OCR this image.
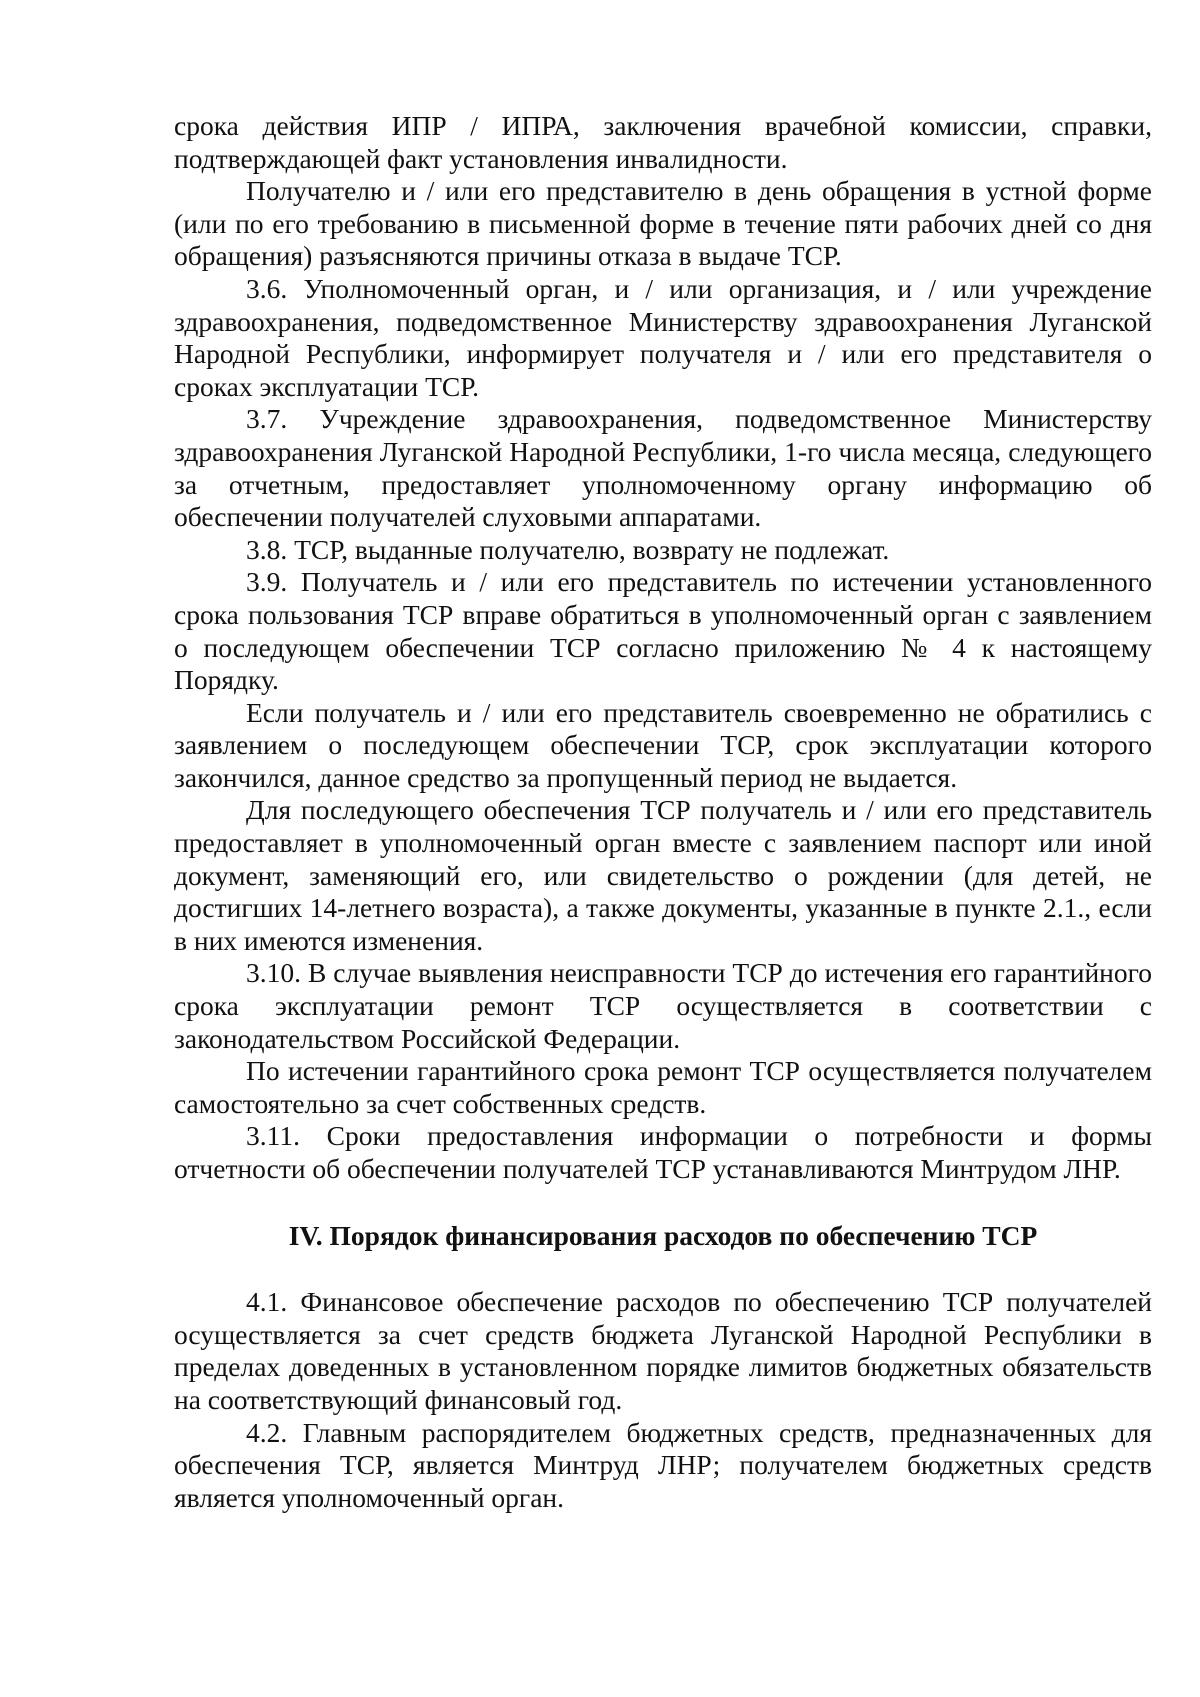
срока действия ИПР / ИПРА, заключения врачебной комиссии, справки, подтверждающей факт установления инвалидности.

Получателю и / или его представителю в день обращения в устной форме (или по его требованию в письменной форме в течение пяти рабочих дней со дня обращения) разъясняются причины отказа в выдаче ТСР.

3.6. Уполномоченный орган, и / или организация, и / или учреждение здравоохранения, подведомственное Министерству здравоохранения Луганской Народной Республики, информирует получателя и / или его представителя о сроках эксплуатации ТСР.

3.7. Учреждение здравоохранения, подведомственное Министерству здравоохранения Луганской Народной Республики, 1-го числа месяца, следующего за отчетным, предоставляет уполномоченному органу информацию об обеспечении получателей слуховыми аппаратами.

3.8. ТСР, выданные получателю, возврату не подлежат.

3.9. Получатель и / или его представитель по истечении установленного срока пользования ТСР вправе обратиться в уполномоченный орган с заявлением о последующем обеспечении ТСР согласно приложению № 4 к настоящему Порядку.

Если получатель и / или его представитель своевременно не обратились с заявлением о последующем обеспечении ТСР, срок эксплуатации которого закончился, данное средство за пропущенный период не выдается.

Для последующего обеспечения ТСР получатель и / или его представитель предоставляет в уполномоченный орган вместе с заявлением паспорт или иной документ, заменяющий его, или свидетельство о рождении (для детей, не достигших 14-летнего возраста), а также документы, указанные в пункте 2.1., если в них имеются изменения.

3.10. В случае выявления неисправности ТСР до истечения его гарантийного срока эксплуатации ремонт ТСР осуществляется в соответствии с законодательством Российской Федерации.

По истечении гарантийного срока ремонт ТСР осуществляется получателем самостоятельно за счет собственных средств.

3.11. Сроки предоставления информации о потребности и формы отчетности об обеспечении получателей ТСР устанавливаются Минтрудом ЛНР.

IV. Порядок финансирования расходов по обеспечению ТСР

4.1. Финансовое обеспечение расходов по обеспечению ТСР получателей осуществляется за счет средств бюджета Луганской Народной Республики в пределах доведенных в установленном порядке лимитов бюджетных обязательств на соответствующий финансовый год.

4.2. Главным распорядителем бюджетных средств, предназначенных для обеспечения ТСР, является Минтруд ЛНР; получателем бюджетных средств является уполномоченный орган.
